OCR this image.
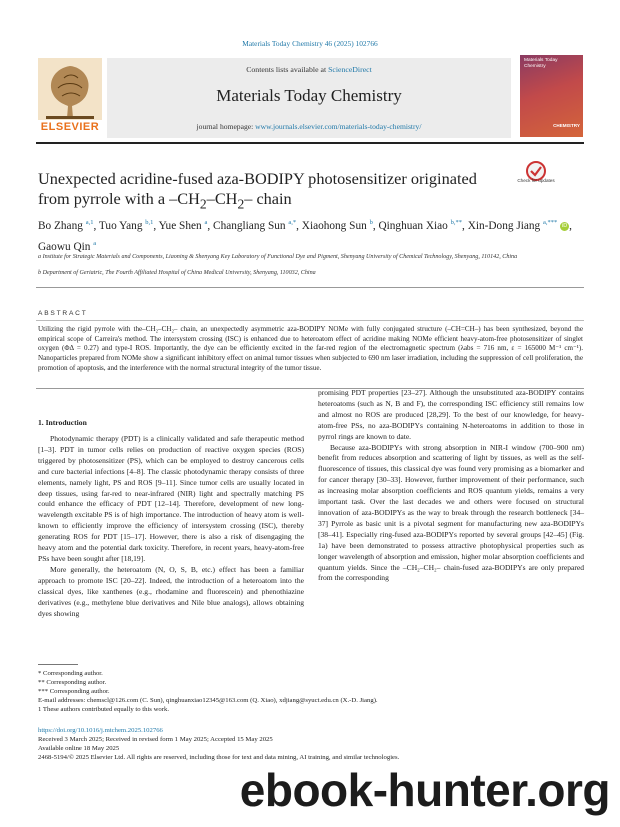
Materials Today Chemistry 46 (2025) 102766
Contents lists available at ScienceDirect
Materials Today Chemistry
journal homepage: www.journals.elsevier.com/materials-today-chemistry/
ELSEVIER
Materials Today Chemistry
CHEMISTRY
Unexpected acridine-fused aza-BODIPY photosensitizer originated from pyrrole with a $-CH_2-CH_2-$ chain
Check for updates
Bo Zhang $^{a,1}$, Tuo Yang $^{b,1}$, Yue Shen $^a$, Changliang Sun $^{a,*}$, Xiaohong Sun $^b$, Qinghuan Xiao $^{b,**}$, Xin-Dong Jiang $^{a,***}$ iD , Gaowu Qin $^a$
a Institute for Strategic Materials and Components, Liaoning & Shenyang Key Laboratory of Functional Dye and Pigment, Shenyang University of Chemical Technology, Shenyang, 110142, China
b Department of Geriatric, The Fourth Affiliated Hospital of China Medical University, Shenyang, 110032, China
ABSTRACT
Utilizing the rigid pyrrole with the–CH₂–CH₂– chain, an unexpectedly asymmetric aza-BODIPY NOMe with fully conjugated structure (–CH=CH–) has been synthesized, beyond the empirical scope of Carreira's method. The intersystem crossing (ISC) is enhanced due to heteroatom effect of acridine making NOMe efficient heavy-atom-free photosensitizer of singlet oxygen (ΦΔ = 0.27) and type-I ROS. Importantly, the dye can be efficiently excited in the far-red region of the electromagnetic spectrum (λabs = 716 nm, ε = 165000 M⁻¹ cm⁻¹). Nanoparticles prepared from NOMe show a significant inhibitory effect on animal tumor tissues when subjected to 690 nm laser irradiation, including the suppression of cell proliferation, the promotion of apoptosis, and the interference with the normal structural integrity of the tumor tissue.
1. Introduction

Photodynamic therapy (PDT) is a clinically validated and safe therapeutic method [1–3]. PDT in tumor cells relies on production of reactive oxygen species (ROS) triggered by photosensitizer (PS), which can be employed to destroy cancerous cells and cure bacterial infections [4–8]. The classic photodynamic therapy consists of three elements, namely light, PS and ROS [9–11]. Since tumor cells are usually located in deep tissues, using far-red to near-infrared (NIR) light and spectrally matching PS could enhance the efficacy of PDT [12–14]. Therefore, development of new long-wavelength excitable PS is of high importance. The introduction of heavy atom is well-known to efficiently improve the efficiency of intersystem crossing (ISC), thereby generating ROS for PDT [15–17]. However, there is also a risk of disengaging the heavy atom and the potential dark toxicity. Therefore, in recent years, heavy-atom-free PSs have been sought after [18,19].

More generally, the heteroatom (N, O, S, B, etc.) effect has been a familiar approach to promote ISC [20–22]. Indeed, the introduction of a heteroatom into the classical dyes, like xanthenes (e.g., rhodamine and fluorescein) and phenothiazine derivatives (e.g., methylene blue derivatives and Nile blue analogs), allows obtaining dyes showing

promising PDT properties [23–27]. Although the unsubstituted aza-BODIPY contains heteroatoms (such as N, B and F), the corresponding ISC efficiency still remains low and almost no ROS are produced [28,29]. To the best of our knowledge, for heavy-atom-free PSs, no aza-BODIPYs containing N-heteroatoms in addition to those in pyrrol rings are known to date.

Because aza-BODIPYs with strong absorption in NIR-I window (700–900 nm) benefit from reduces absorption and scattering of light by tissues, as well as the self-fluorescence of tissues, this classical dye was found very promising as a biomarker and for cancer therapy [30–33]. However, further improvement of their performance, such as increasing molar absorption coefficients and ROS quantum yields, remains a very important task. Over the last decades we and others were focused on structural innovation of aza-BODIPYs as the way to break through the research bottleneck [34–37] Pyrrole as basic unit is a pivotal segment for manufacturing new aza-BODIPYs [38–41]. Especially ring-fused aza-BODIPYs reported by several groups [42–45] (Fig. 1a) have been demonstrated to possess attractive photophysical properties such as longer wavelength of absorption and emission, higher molar absorption coefficients and quantum yields. Since the –CH₂–CH₂– chain-fused aza-BODIPYs are only prepared from the corresponding

* Corresponding author.
** Corresponding author.
*** Corresponding author.
E-mail addresses: chemscl@126.com (C. Sun), qinghuanxiao12345@163.com (Q. Xiao), xdjiang@syuct.edu.cn (X.-D. Jiang).
1 These authors contributed equally to this work.
https://doi.org/10.1016/j.mtchem.2025.102766
Received 3 March 2025; Received in revised form 1 May 2025; Accepted 15 May 2025
Available online 18 May 2025
2468-5194/© 2025 Elsevier Ltd. All rights are reserved, including those for text and data mining, AI training, and similar technologies.
ebook-hunter.org
